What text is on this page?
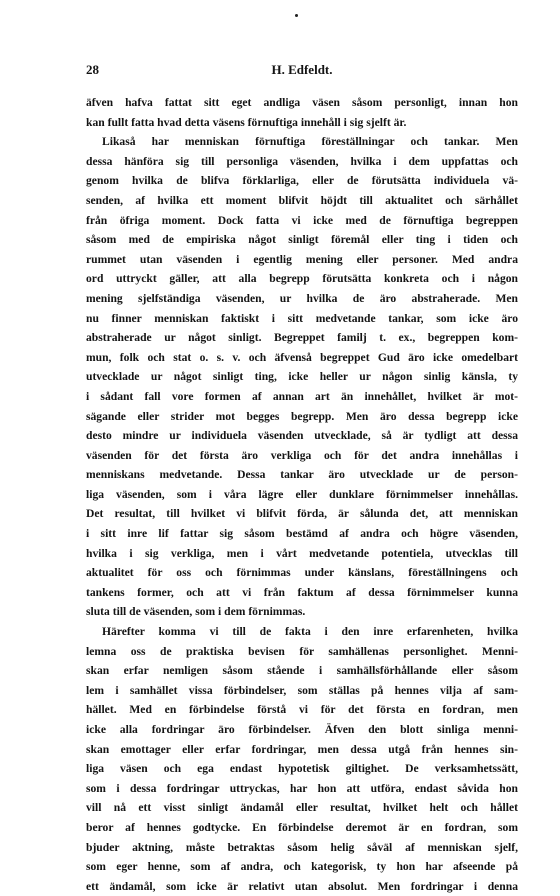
28	H. Edfeldt.
äfven hafva fattat sitt eget andliga väsen såsom personligt, innan hon
kan fullt fatta hvad detta väsens förnuftiga innehåll i sig sjelft är.
Likaså har menniskan förnuftiga föreställningar och tankar. Men
dessa hänföra sig till personliga väsenden, hvilka i dem uppfattas och
genom hvilka de blifva förklarliga, eller de förutsätta individuela vä-
senden, af hvilka ett moment blifvit höjdt till aktualitet och särhållet
från öfriga moment. Dock fatta vi icke med de förnuftiga begreppen
såsom med de empiriska något sinligt föremål eller ting i tiden och
rummet utan väsenden i egentlig mening eller personer. Med andra
ord uttryckt gäller, att alla begrepp förutsätta konkreta och i någon
mening sjelfständiga väsenden, ur hvilka de äro abstraherade. Men
nu finner menniskan faktiskt i sitt medvetande tankar, som icke äro
abstraherade ur något sinligt. Begreppet familj t. ex., begreppen kom-
mun, folk och stat o. s. v. och äfvenså begreppet Gud äro icke omedelbart
utvecklade ur något sinligt ting, icke heller ur någon sinlig känsla, ty
i sådant fall vore formen af annan art än innehållet, hvilket är mot-
sägande eller strider mot begges begrepp. Men äro dessa begrepp icke
desto mindre ur individuela väsenden utvecklade, så är tydligt att dessa
väsenden för det första äro verkliga och för det andra innehållas i
menniskans medvetande. Dessa tankar äro utvecklade ur de person-
liga väsenden, som i våra lägre eller dunklare förnimmelser innehållas.
Det resultat, till hvilket vi blifvit förda, är sålunda det, att menniskan
i sitt inre lif fattar sig såsom bestämd af andra och högre väsenden,
hvilka i sig verkliga, men i vårt medvetande potentiela, utvecklas till
aktualitet för oss och förnimmas under känslans, föreställningens och
tankens former, och att vi från faktum af dessa förnimmelser kunna
sluta till de väsenden, som i dem förnimmas.
Härefter komma vi till de fakta i den inre erfarenheten, hvilka
lemna oss de praktiska bevisen för samhällenas personlighet. Menni-
skan erfar nemligen såsom stående i samhällsförhållande eller såsom
lem i samhället vissa förbindelser, som ställas på hennes vilja af sam-
hället. Med en förbindelse förstå vi för det första en fordran, men
icke alla fordringar äro förbindelser. Äfven den blott sinliga menni-
skan emottager eller erfar fordringar, men dessa utgå från hennes sin-
liga väsen och ega endast hypotetisk giltighet. De verksamhetssätt,
som i dessa fordringar uttryckas, har hon att utföra, endast såvida hon
vill nå ett visst sinligt ändamål eller resultat, hvilket helt och hållet
beror af hennes godtycke. En förbindelse deremot är en fordran, som
bjuder aktning, måste betraktas såsom helig såväl af menniskan sjelf,
som eger henne, som af andra, och kategorisk, ty hon har afseende på
ett ändamål, som icke är relativt utan absolut. Men fordringar i denna
